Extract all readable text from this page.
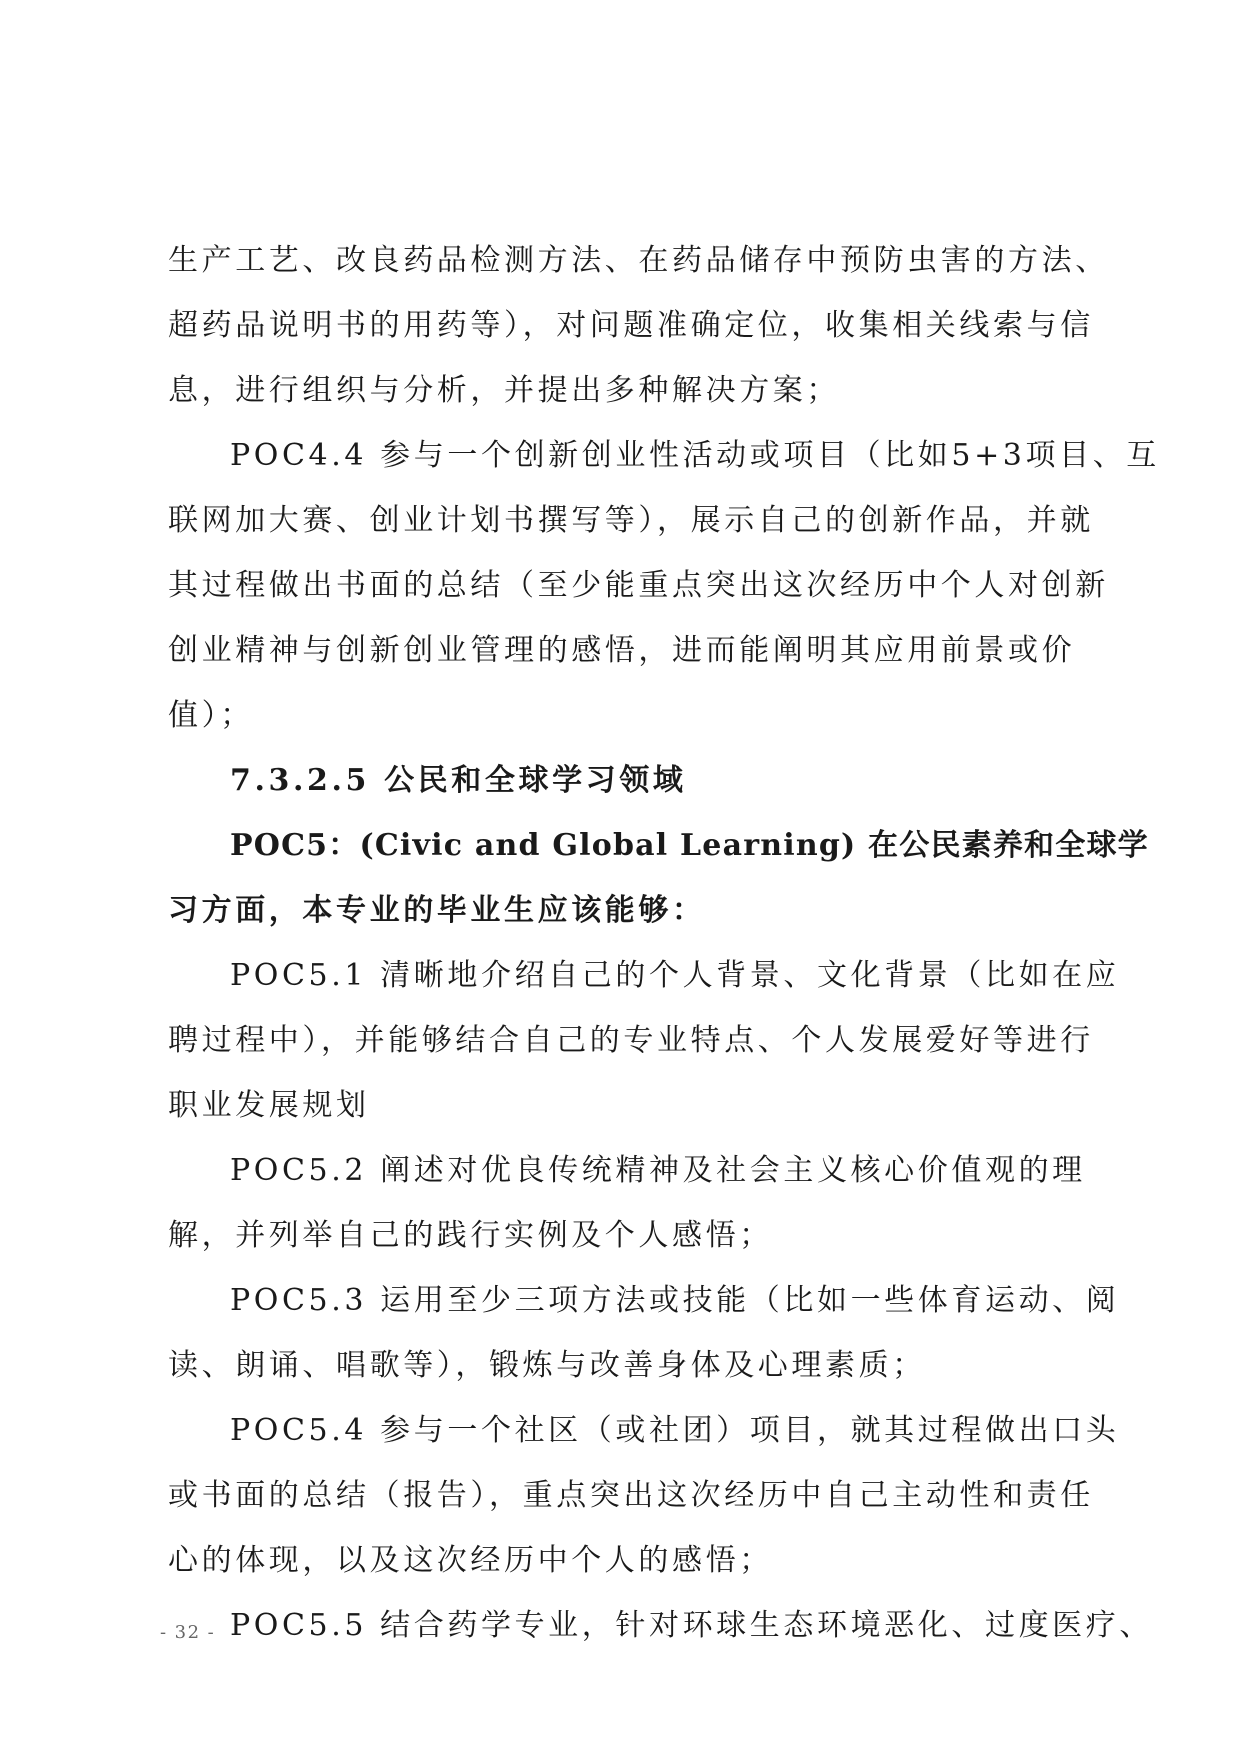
生产工艺、改良药品检测方法、在药品储存中预防虫害的方法、
超药品说明书的用药等），对问题准确定位，收集相关线索与信
息，进行组织与分析，并提出多种解决方案；
POC4.4 参与一个创新创业性活动或项目（比如5+3项目、互
联网加大赛、创业计划书撰写等），展示自己的创新作品，并就
其过程做出书面的总结（至少能重点突出这次经历中个人对创新
创业精神与创新创业管理的感悟，进而能阐明其应用前景或价
值）；
7.3.2.5 公民和全球学习领域
POC5：(Civic and Global Learning) 在公民素养和全球学
习方面，本专业的毕业生应该能够：
POC5.1 清晰地介绍自己的个人背景、文化背景（比如在应
聘过程中），并能够结合自己的专业特点、个人发展爱好等进行
职业发展规划
POC5.2 阐述对优良传统精神及社会主义核心价值观的理
解，并列举自己的践行实例及个人感悟；
POC5.3 运用至少三项方法或技能（比如一些体育运动、阅
读、朗诵、唱歌等），锻炼与改善身体及心理素质；
POC5.4 参与一个社区（或社团）项目，就其过程做出口头
或书面的总结（报告），重点突出这次经历中自己主动性和责任
心的体现，以及这次经历中个人的感悟；
POC5.5 结合药学专业，针对环球生态环境恶化、过度医疗、
- 32 -
